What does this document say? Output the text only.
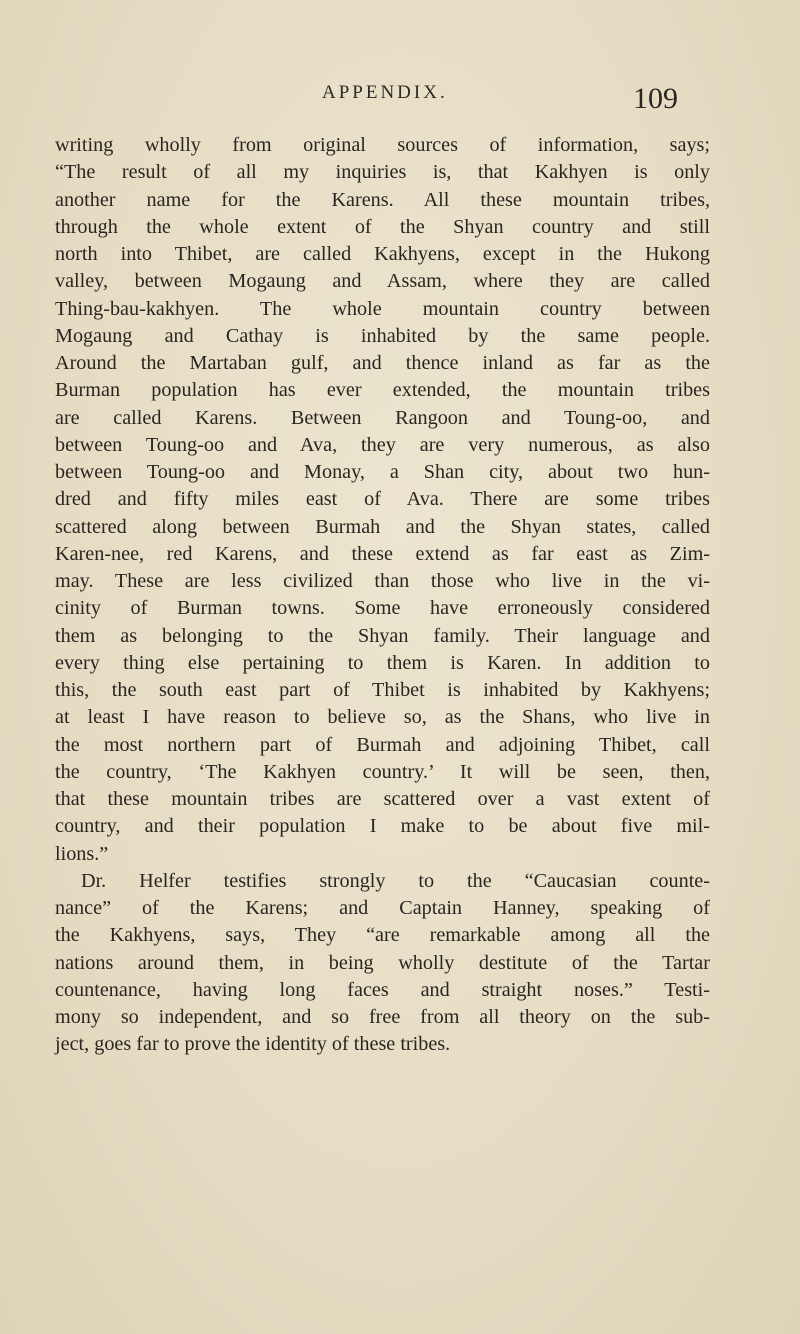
APPENDIX.	109
writing wholly from original sources of information, says;
“The result of all my inquiries is, that Kakhyen is only
another name for the Karens. All these mountain tribes,
through the whole extent of the Shyan country and still
north into Thibet, are called Kakhyens, except in the Hukong
valley, between Mogaung and Assam, where they are called
Thing-bau-kakhyen. The whole mountain country between
Mogaung and Cathay is inhabited by the same people.
Around the Martaban gulf, and thence inland as far as the
Burman population has ever extended, the mountain tribes
are called Karens. Between Rangoon and Toung-oo, and
between Toung-oo and Ava, they are very numerous, as also
between Toung-oo and Monay, a Shan city, about two hun-
dred and fifty miles east of Ava. There are some tribes
scattered along between Burmah and the Shyan states, called
Karen-nee, red Karens, and these extend as far east as Zim-
may. These are less civilized than those who live in the vi-
cinity of Burman towns. Some have erroneously considered
them as belonging to the Shyan family. Their language and
every thing else pertaining to them is Karen. In addition to
this, the south east part of Thibet is inhabited by Kakhyens;
at least I have reason to believe so, as the Shans, who live in
the most northern part of Burmah and adjoining Thibet, call
the country, ‘The Kakhyen country.’ It will be seen, then,
that these mountain tribes are scattered over a vast extent of
country, and their population I make to be about five mil-
lions.”
Dr. Helfer testifies strongly to the “Caucasian counte-
nance” of the Karens; and Captain Hanney, speaking of
the Kakhyens, says, They “are remarkable among all the
nations around them, in being wholly destitute of the Tartar
countenance, having long faces and straight noses.” Testi-
mony so independent, and so free from all theory on the sub-
ject, goes far to prove the identity of these tribes.
